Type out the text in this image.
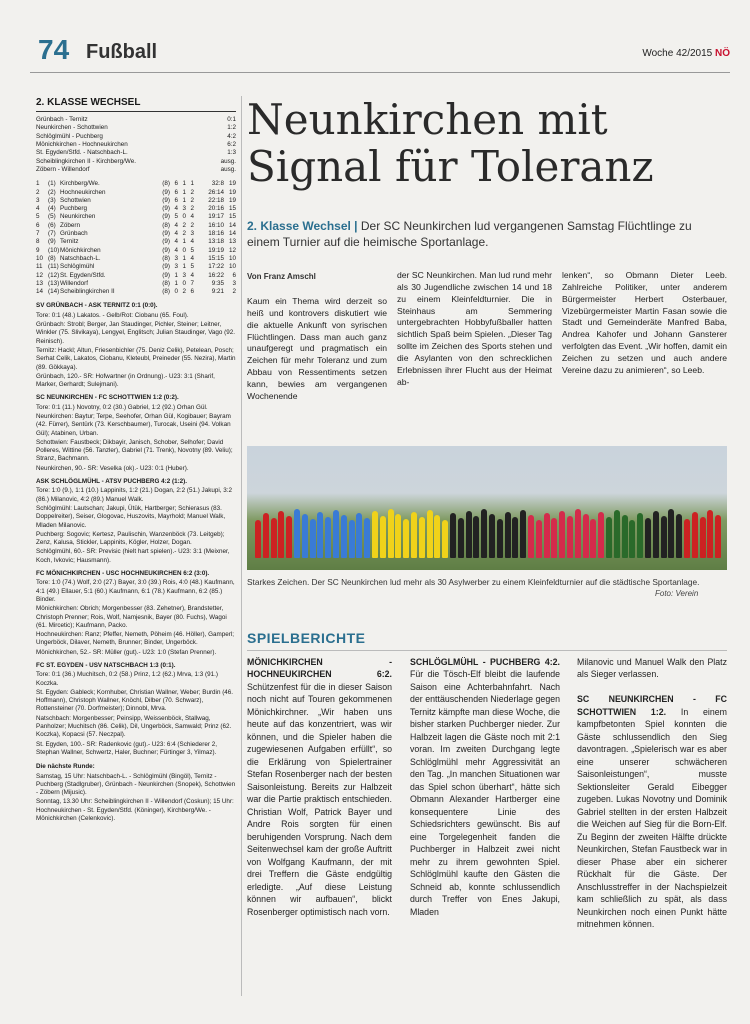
74 Fußball	Woche 42/2015 NÖ
2. KLASSE WECHSEL
Grünbach - Ternitz	0:1
Neunkirchen - Schottwien	1:2
Schlöglmühl - Puchberg	4:2
Mönichkirchen - Hochneukirchen	6:2
St. Egyden/Stfd. - Natschbach-L.	1:3
Scheiblingkirchen II - Kirchberg/We.	ausg.
Zöbern - Willendorf	ausg.
1	(1) Kirchberg/We.	(8) 6 1 1	32:8 19
2	(2) Hochneukirchen	(9) 6 1 2	26:14 19
3	(3) Schottwien	(9) 6 1 2	22:18 19
4	(4) Puchberg	(9) 4 3 2	20:16 15
5	(5) Neunkirchen	(9) 5 0 4	19:17 15
6	(6) Zöbern	(8) 4 2 2	16:10 14
7	(7) Grünbach	(9) 4 2 3	18:16 14
8	(9) Ternitz	(9) 4 1 4	13:18 13
9	(10) Mönichkirchen	(9) 4 0 5	19:19 12
10 (8) Natschbach-L.	(8) 3 1 4	15:15 10
11 (11) Schlöglmühl	(9) 3 1 5	17:22 10
12 (12) St. Egyden/Stfd.	(9) 1 3 4	16:22	6
13 (13) Willendorf	(8) 1 0 7	9:35	3
14 (14) Scheiblingkirchen II	(8) 0 2 6	9:21	2

SV GRÜNBACH - ASK TERNITZ 0:1 (0:0).

Tore: 0:1 (48.) Lakatos. - Gelb/Rot: Ciobanu (65. Foul).

Grünbach: Strobl; Berger, Jan Staudinger, Pichler, Steiner; Leitner, Winkler (75. Slivikaya), Lengyel, Englitsch; Julian Staudinger, Vago (92. Reinisch).

Ternitz: Hackl; Altun, Friesenbichler (75. Deniz Celik), Petelean, Posch; Serhat Celik, Lakatos, Ciobanu, Kleteubl, Preineder (55. Nezira), Martin (89. Gökkaya).

Grünbach, 120.- SR: Hofwartner (in Ordnung).- U23: 3:1 (Sharif, Marker, Gerhardt; Sulejmani).

SC NEUNKIRCHEN - FC SCHOTTWIEN 1:2 (0:2).

Tore: 0:1 (11.) Novotny, 0:2 (30.) Gabriel, 1:2 (92.) Orhan Gül.

Neunkirchen: Baytur; Terpe, Seehofer, Orhan Gül, Kogibauer; Bayram (42. Fürrer), Sentürk (73. Kerschbaumer), Turocak, Useini (94. Volkan Gül); Atabinen, Urban.

Schottwien: Faustbeck; Dikbayir, Janisch, Schober, Selhofer; David Polleres, Wittine (56. Tanzler), Gabriel (71. Trenk), Novotny (89. Veliu); Stranz, Bachmann.

Neunkirchen, 90.- SR: Veselka (ok).- U23: 0:1 (Huber).

ASK SCHLÖGLMÜHL - ATSV PUCHBERG 4:2 (1:2).

Tore: 1:0 (9.), 1:1 (10.) Lappinits, 1:2 (21.) Dogan, 2:2 (51.) Jakupi, 3:2 (86.) Milanovic, 4:2 (89.) Manuel Walk.

Schlöglmühl: Lautschan; Jakupi, Ütük, Hartberger; Schierasus (83. Doppelreiter), Seiser, Glogovac, Huszovits, Mayrhold; Manuel Walk, Mladen Milanovic.

Puchberg: Sogovic; Kertesz, Paulischin, Wanzenböck (73. Leitgeb); Zenz, Kalusa, Stickler, Lappinits, Kögler, Holzer, Dogan.

Schlöglmühl, 60.- SR: Previsic (hielt hart spielen).- U23: 3:1 (Meixner, Koch, Ivkovic; Hausmann).

FC MÖNICHKIRCHEN - USC HOCHNEUKIRCHEN 6:2 (3:0).

Tore: 1:0 (74.) Wolf, 2:0 (27.) Bayer, 3:0 (39.) Rois, 4:0 (48.) Kaufmann, 4:1 (49.) Ellauer, 5:1 (60.) Kaufmann, 6:1 (78.) Kaufmann, 6:2 (85.) Binder.

Mönichkirchen: Obrich; Morgenbesser (83. Zehetner), Brandstetter, Christoph Prenner; Rois, Wolf, Namjesnik, Bayer (80. Fuchs), Wagoi (61. Mircetic); Kaufmann, Packo.

Hochneukirchen: Ranz; Pfeffer, Nemeth, Pöheim (46. Höller), Gamperl; Ungerböck, Dilaver, Nemeth, Brunner; Binder, Ungerböck.

Mönichkirchen, 52.- SR: Müller (gut).- U23: 1:0 (Stefan Prenner).

FC ST. EGYDEN - USV NATSCHBACH 1:3 (0:1).

Tore: 0:1 (36.) Muchitsch, 0:2 (58.) Prinz, 1:2 (62.) Mrva, 1:3 (91.) Koczka.

St. Egyden: Gableck; Kornhuber, Christian Wallner, Weber; Burdin (46. Hoffmann), Christoph Wallner, Knöchl, Dilber (70. Schwarz), Rottensteiner (70. Dorfmeister); Dinnobl, Mrva.

Natschbach: Morgenbesser; Peinsipp, Weissenböck, Stallwag, Panholzer; Muchitsch (86. Celik), Dil, Ungerböck, Samwald; Prinz (62. Koczka), Kopacsi (57. Neczpal).

St. Egyden, 100.- SR: Radenkovic (gut).- U23: 6:4 (Schiederer 2, Stephan Wallner, Schwertz, Haler, Buchner; Fürtinger 3, Yilmaz).

Die nächste Runde:

Samstag, 15 Uhr: Natschbach-L. - Schlöglmühl (Bingöl), Ternitz - Puchberg (Stadlgruber), Grünbach - Neunkirchen (Snopek), Schottwien - Zöbern (Mijusic).

Sonntag, 13.30 Uhr: Scheiblingkirchen II - Willendorf (Coskun); 15 Uhr: Hochneukirchen - St. Egyden/Stfd. (Köninger), Kirchberg/We. - Mönichkirchen (Celenkovic).

Neunkirchen mit
Signal für Toleranz
2. Klasse Wechsel | Der SC Neunkirchen lud vergangenen Samstag Flüchtlinge zu einem Turnier auf die heimische Sportanlage.
Von Franz Amschl
Kaum ein Thema wird derzeit so heiß und kontrovers diskutiert wie die aktuelle Ankunft von syrischen Flüchtlingen. Dass man auch ganz unaufgeregt und pragmatisch ein Zeichen für mehr Toleranz und zum Abbau von Ressentiments setzen kann, bewies am vergangenen Wochenende
der SC Neunkirchen. Man lud rund mehr als 30 Jugendliche zwischen 14 und 18 zu einem Kleinfeldturnier. Die in Steinhaus am Semmering untergebrachten Hobbyfußballer hatten sichtlich Spaß beim Spielen. „Dieser Tag sollte im Zeichen des Sports stehen und die Asylanten von den schrecklichen Erlebnissen ihrer Flucht aus der Heimat ab-
lenken“, so Obmann Dieter Leeb. Zahlreiche Politiker, unter anderem Bürgermeister Herbert Osterbauer, Vizebürgermeister Martin Fasan sowie die Stadt und Gemeinderäte Manfred Baba, Andrea Kahofer und Johann Gansterer verfolgten das Event. „Wir hoffen, damit ein Zeichen zu setzen und auch andere Vereine dazu zu animieren“, so Leeb.
Starkes Zeichen. Der SC Neunkirchen lud mehr als 30 Asylwerber zu einem Kleinfeldturnier auf die städtische Sportanlage.
Foto: Verein
SPIELBERICHTE
MÖNICHKIRCHEN - HOCHNEUKIRCHEN 6:2. Schützenfest für die in dieser Saison noch nicht auf Touren gekommenen Mönichkirchner. „Wir haben uns heute auf das konzentriert, was wir können, und die Spieler haben die zugewiesenen Aufgaben erfüllt“, so die Erklärung von Spielertrainer Stefan Rosenberger nach der besten Saisonleistung. Bereits zur Halbzeit war die Partie praktisch entschieden. Christian Wolf, Patrick Bayer und Andre Rois sorgten für einen beruhigenden Vorsprung. Nach dem Seitenwechsel kam der große Auftritt von Wolfgang Kaufmann, der mit drei Treffern die Gäste endgültig erledigte. „Auf diese Leistung können wir aufbauen“, blickt Rosenberger optimistisch nach vorn.
SCHLÖGLMÜHL - PUCHBERG 4:2. Für die Tösch-Elf bleibt die laufende Saison eine Achterbahnfahrt. Nach der enttäuschenden Niederlage gegen Ternitz kämpfte man diese Woche, die bisher starken Puchberger nieder. Zur Halbzeit lagen die Gäste noch mit 2:1 voran. Im zweiten Durchgang legte Schlöglmühl mehr Aggressivität an den Tag. „In manchen Situationen war das Spiel schon überhart“, hätte sich Obmann Alexander Hartberger eine konsequentere Linie des Schiedsrichters gewünscht. Bis auf eine Torgelegenheit fanden die Puchberger in Halbzeit zwei nicht mehr zu ihrem gewohnten Spiel. Schlöglmühl kaufte den Gästen die Schneid ab, konnte schlussendlich durch Treffer von Enes Jakupi, Mladen
Milanovic und Manuel Walk den Platz als Sieger verlassen.

SC NEUNKIRCHEN - FC SCHOTTWIEN 1:2. In einem kampfbetonten Spiel konnten die Gäste schlussendlich den Sieg davontragen. „Spielerisch war es aber eine unserer schwächeren Saisonleistungen“, musste Sektionsleiter Gerald Eibegger zugeben. Lukas Novotny und Dominik Gabriel stellten in der ersten Halbzeit die Weichen auf Sieg für die Born-Elf. Zu Beginn der zweiten Hälfte drückte Neunkirchen, Stefan Faustbeck war in dieser Phase aber ein sicherer Rückhalt für die Gäste. Der Anschlusstreffer in der Nachspielzeit kam schließlich zu spät, als dass Neunkirchen noch einen Punkt hätte mitnehmen können.
